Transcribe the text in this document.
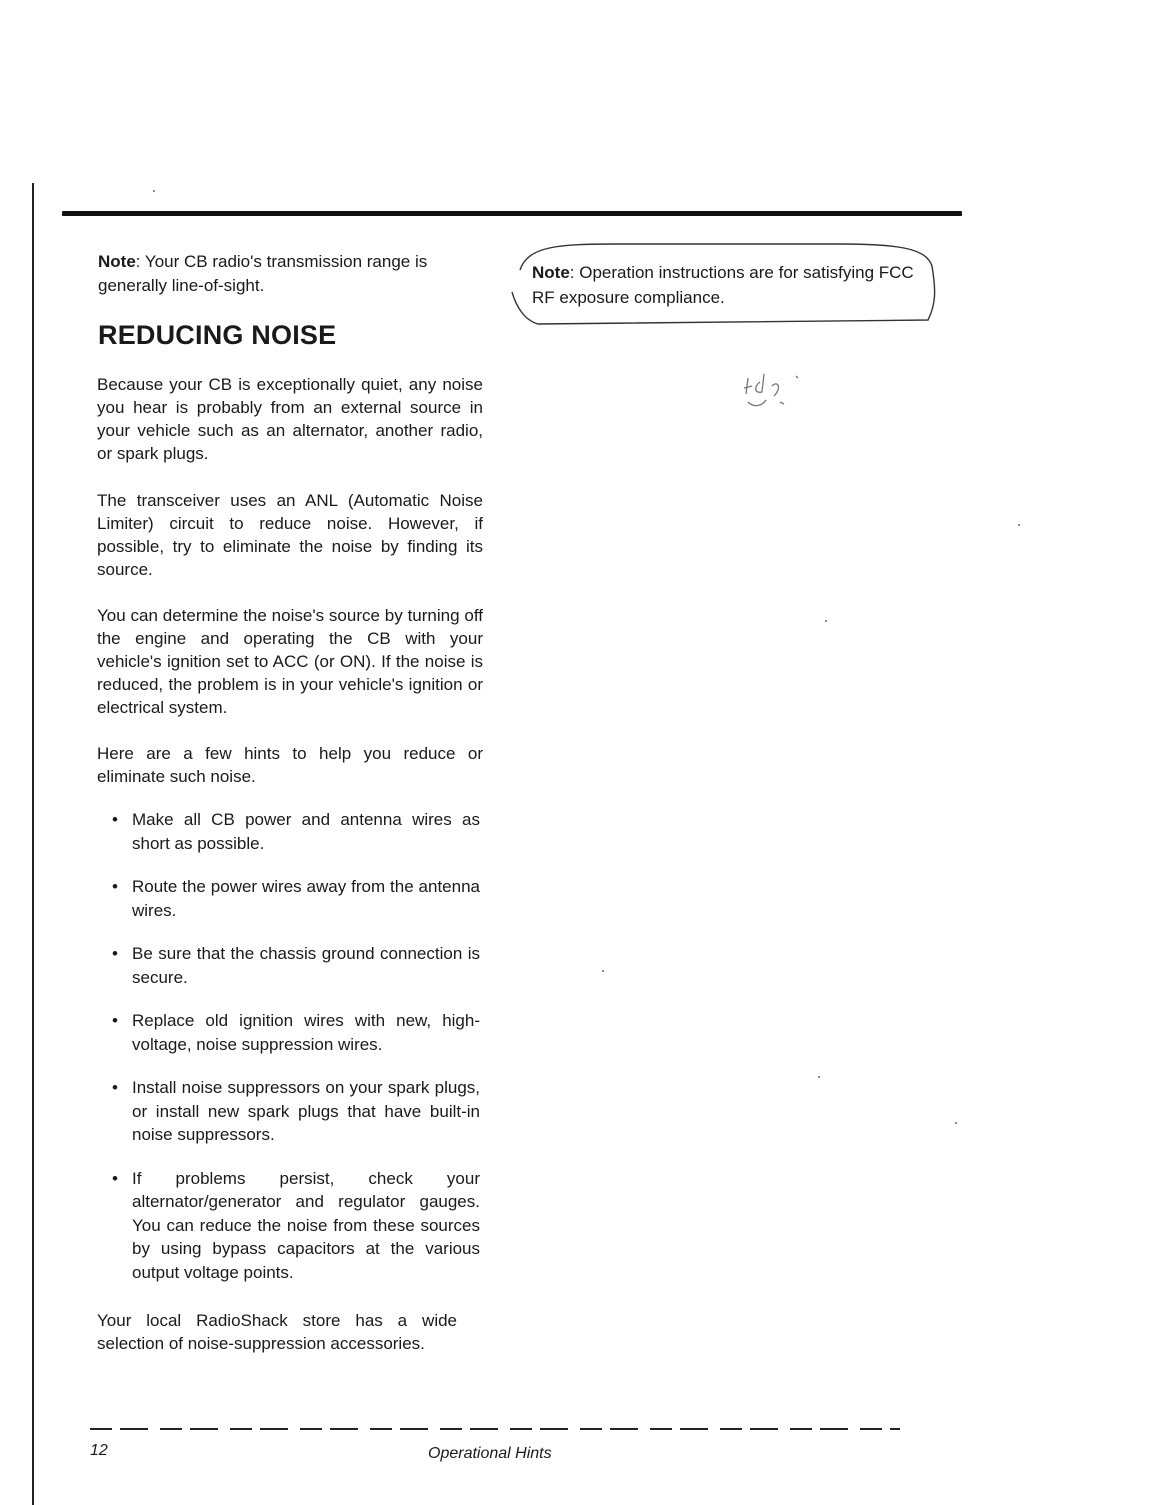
Note: Your CB radio's transmission range is generally line-of-sight.
Note: Operation instructions are for satisfying FCC RF exposure compliance.
REDUCING NOISE

Because your CB is exceptionally quiet, any noise you hear is probably from an external source in your vehicle such as an alternator, another radio, or spark plugs.

The transceiver uses an ANL (Automatic Noise Limiter) circuit to reduce noise. However, if possible, try to eliminate the noise by finding its source.

You can determine the noise's source by turning off the engine and operating the CB with your vehicle's ignition set to ACC (or ON). If the noise is reduced, the problem is in your vehicle's ignition or electrical system.

Here are a few hints to help you reduce or eliminate such noise.

• Make all CB power and antenna wires as short as possible.
• Route the power wires away from the antenna wires.
• Be sure that the chassis ground connection is secure.
• Replace old ignition wires with new, high-voltage, noise suppression wires.
• Install noise suppressors on your spark plugs, or install new spark plugs that have built-in noise suppressors.
• If problems persist, check your alternator/generator and regulator gauges. You can reduce the noise from these sources by using bypass capacitors at the various output voltage points.

Your local RadioShack store has a wide selection of noise-suppression accessories.

12	Operational Hints
